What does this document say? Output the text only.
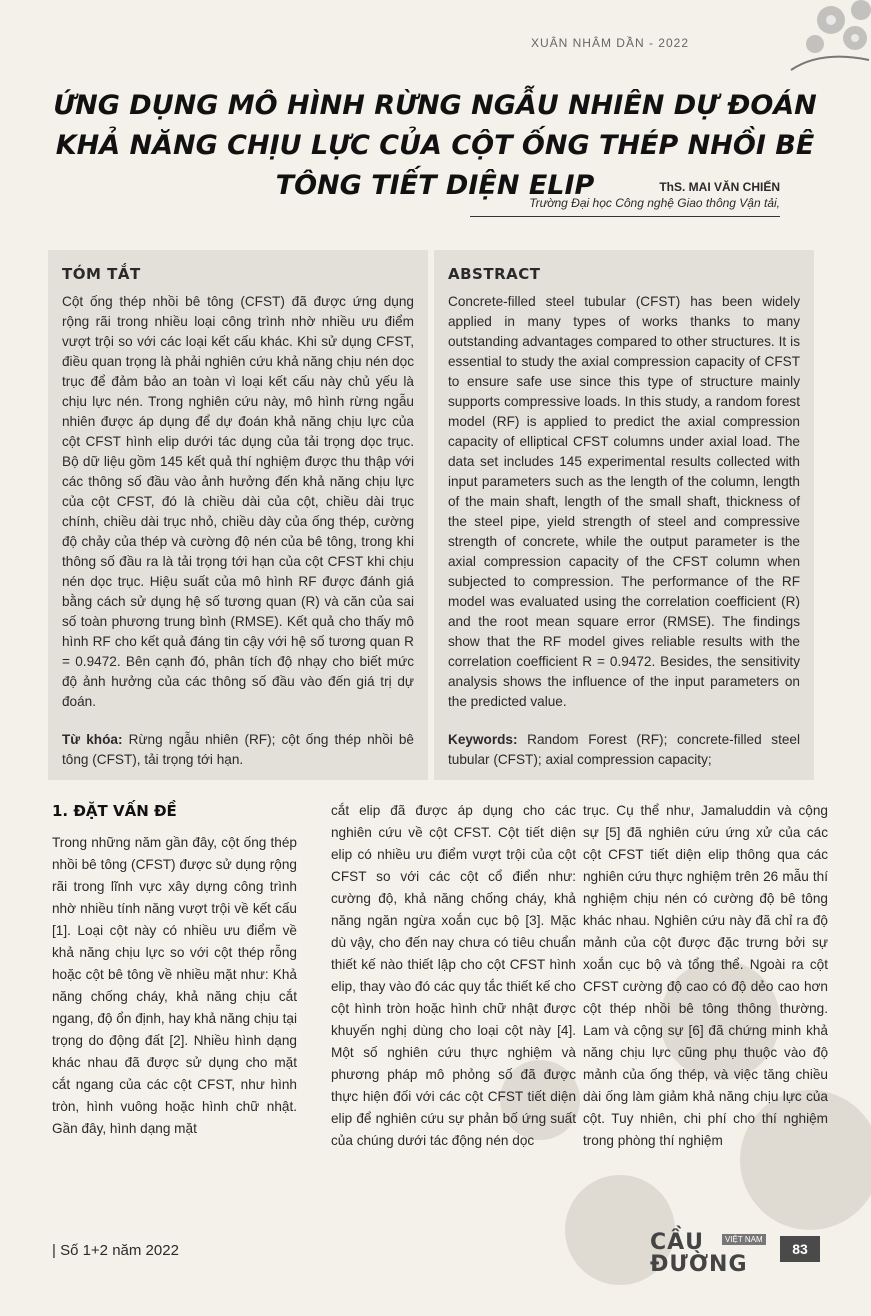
XUÂN NHÂM DẦN - 2022
ỨNG DỤNG MÔ HÌNH RỪNG NGẪU NHIÊN DỰ ĐOÁN KHẢ NĂNG CHỊU LỰC CỦA CỘT ỐNG THÉP NHỒI BÊ TÔNG TIẾT DIỆN ELIP	ThS. MAI VĂN CHIẾN
Trường Đại học Công nghệ Giao thông Vận tải,
TÓM TẮT

Cột ống thép nhồi bê tông (CFST) đã được ứng dụng rộng rãi trong nhiều loại công trình nhờ nhiều ưu điểm vượt trội so với các loại kết cấu khác. Khi sử dụng CFST, điều quan trọng là phải nghiên cứu khả năng chịu nén dọc trục để đảm bảo an toàn vì loại kết cấu này chủ yếu là chịu lực nén. Trong nghiên cứu này, mô hình rừng ngẫu nhiên được áp dụng để dự đoán khả năng chịu lực của cột CFST hình elip dưới tác dụng của tải trọng dọc trục. Bộ dữ liệu gồm 145 kết quả thí nghiệm được thu thập với các thông số đầu vào ảnh hưởng đến khả năng chịu lực của cột CFST, đó là chiều dài của cột, chiều dài trục chính, chiều dài trục nhỏ, chiều dày của ống thép, cường độ chảy của thép và cường độ nén của bê tông, trong khi thông số đầu ra là tải trọng tới hạn của cột CFST khi chịu nén dọc trục. Hiệu suất của mô hình RF được đánh giá bằng cách sử dụng hệ số tương quan (R) và căn của sai số toàn phương trung bình (RMSE). Kết quả cho thấy mô hình RF cho kết quả đáng tin cậy với hệ số tương quan R = 0.9472. Bên cạnh đó, phân tích độ nhạy cho biết mức độ ảnh hưởng của các thông số đầu vào đến giá trị dự đoán.

Từ khóa: Rừng ngẫu nhiên (RF); cột ống thép nhồi bê tông (CFST), tải trọng tới hạn.

ABSTRACT

Concrete-filled steel tubular (CFST) has been widely applied in many types of works thanks to many outstanding advantages compared to other structures. It is essential to study the axial compression capacity of CFST to ensure safe use since this type of structure mainly supports compressive loads. In this study, a random forest model (RF) is applied to predict the axial compression capacity of elliptical CFST columns under axial load. The data set includes 145 experimental results collected with input parameters such as the length of the column, length of the main shaft, length of the small shaft, thickness of the steel pipe, yield strength of steel and compressive strength of concrete, while the output parameter is the axial compression capacity of the CFST column when subjected to compression. The performance of the RF model was evaluated using the correlation coefficient (R) and the root mean square error (RMSE). The findings show that the RF model gives reliable results with the correlation coefficient R = 0.9472. Besides, the sensitivity analysis shows the influence of the input parameters on the predicted value.

Keywords: Random Forest (RF); concrete-filled steel tubular (CFST); axial compression capacity;

1. ĐẶT VẤN ĐỀ

Trong những năm gần đây, cột ống thép nhồi bê tông (CFST) được sử dụng rộng rãi trong lĩnh vực xây dựng công trình nhờ nhiều tính năng vượt trội về kết cấu [1]. Loại cột này có nhiều ưu điểm về khả năng chịu lực so với cột thép rỗng hoặc cột bê tông về nhiều mặt như: Khả năng chống cháy, khả năng chịu cắt ngang, độ ổn định, hay khả năng chịu tại trọng do động đất [2]. Nhiều hình dạng khác nhau đã được sử dụng cho mặt cắt ngang của các cột CFST, như hình tròn, hình vuông hoặc hình chữ nhật. Gần đây, hình dạng mặt

cắt elip đã được áp dụng cho các nghiên cứu về cột CFST. Cột tiết diện elip có nhiều ưu điểm vượt trội của cột CFST so với các cột cổ điển như: cường độ, khả năng chống cháy, khả năng ngăn ngừa xoắn cục bộ [3]. Mặc dù vậy, cho đến nay chưa có tiêu chuẩn thiết kế nào thiết lập cho cột CFST hình elip, thay vào đó các quy tắc thiết kế cho cột hình tròn hoặc hình chữ nhật được khuyến nghị dùng cho loại cột này [4]. Một số nghiên cứu thực nghiệm và phương pháp mô phỏng số đã được thực hiện đối với các cột CFST tiết diện elip để nghiên cứu sự phản bố ứng suất của chúng dưới tác động nén dọc

trục. Cụ thể như, Jamaluddin và cộng sự [5] đã nghiên cứu ứng xử của các cột CFST tiết diện elip thông qua các nghiên cứu thực nghiệm trên 26 mẫu thí nghiệm chịu nén có cường độ bê tông khác nhau. Nghiên cứu này đã chỉ ra độ mảnh của cột được đặc trưng bởi sự xoắn cục bộ và tổng thể. Ngoài ra cột CFST cường độ cao có độ dẻo cao hơn cột thép nhồi bê tông thông thường. Lam và cộng sự [6] đã chứng minh khả năng chịu lực cũng phụ thuộc vào độ mảnh của ống thép, và việc tăng chiều dài ống làm giảm khả năng chịu lực của cột. Tuy nhiên, chi phí cho thí nghiệm trong phòng thí nghiệm

| Số 1+2 năm 2022	CẦU	VIỆT NAM
ĐƯỜNG
83
